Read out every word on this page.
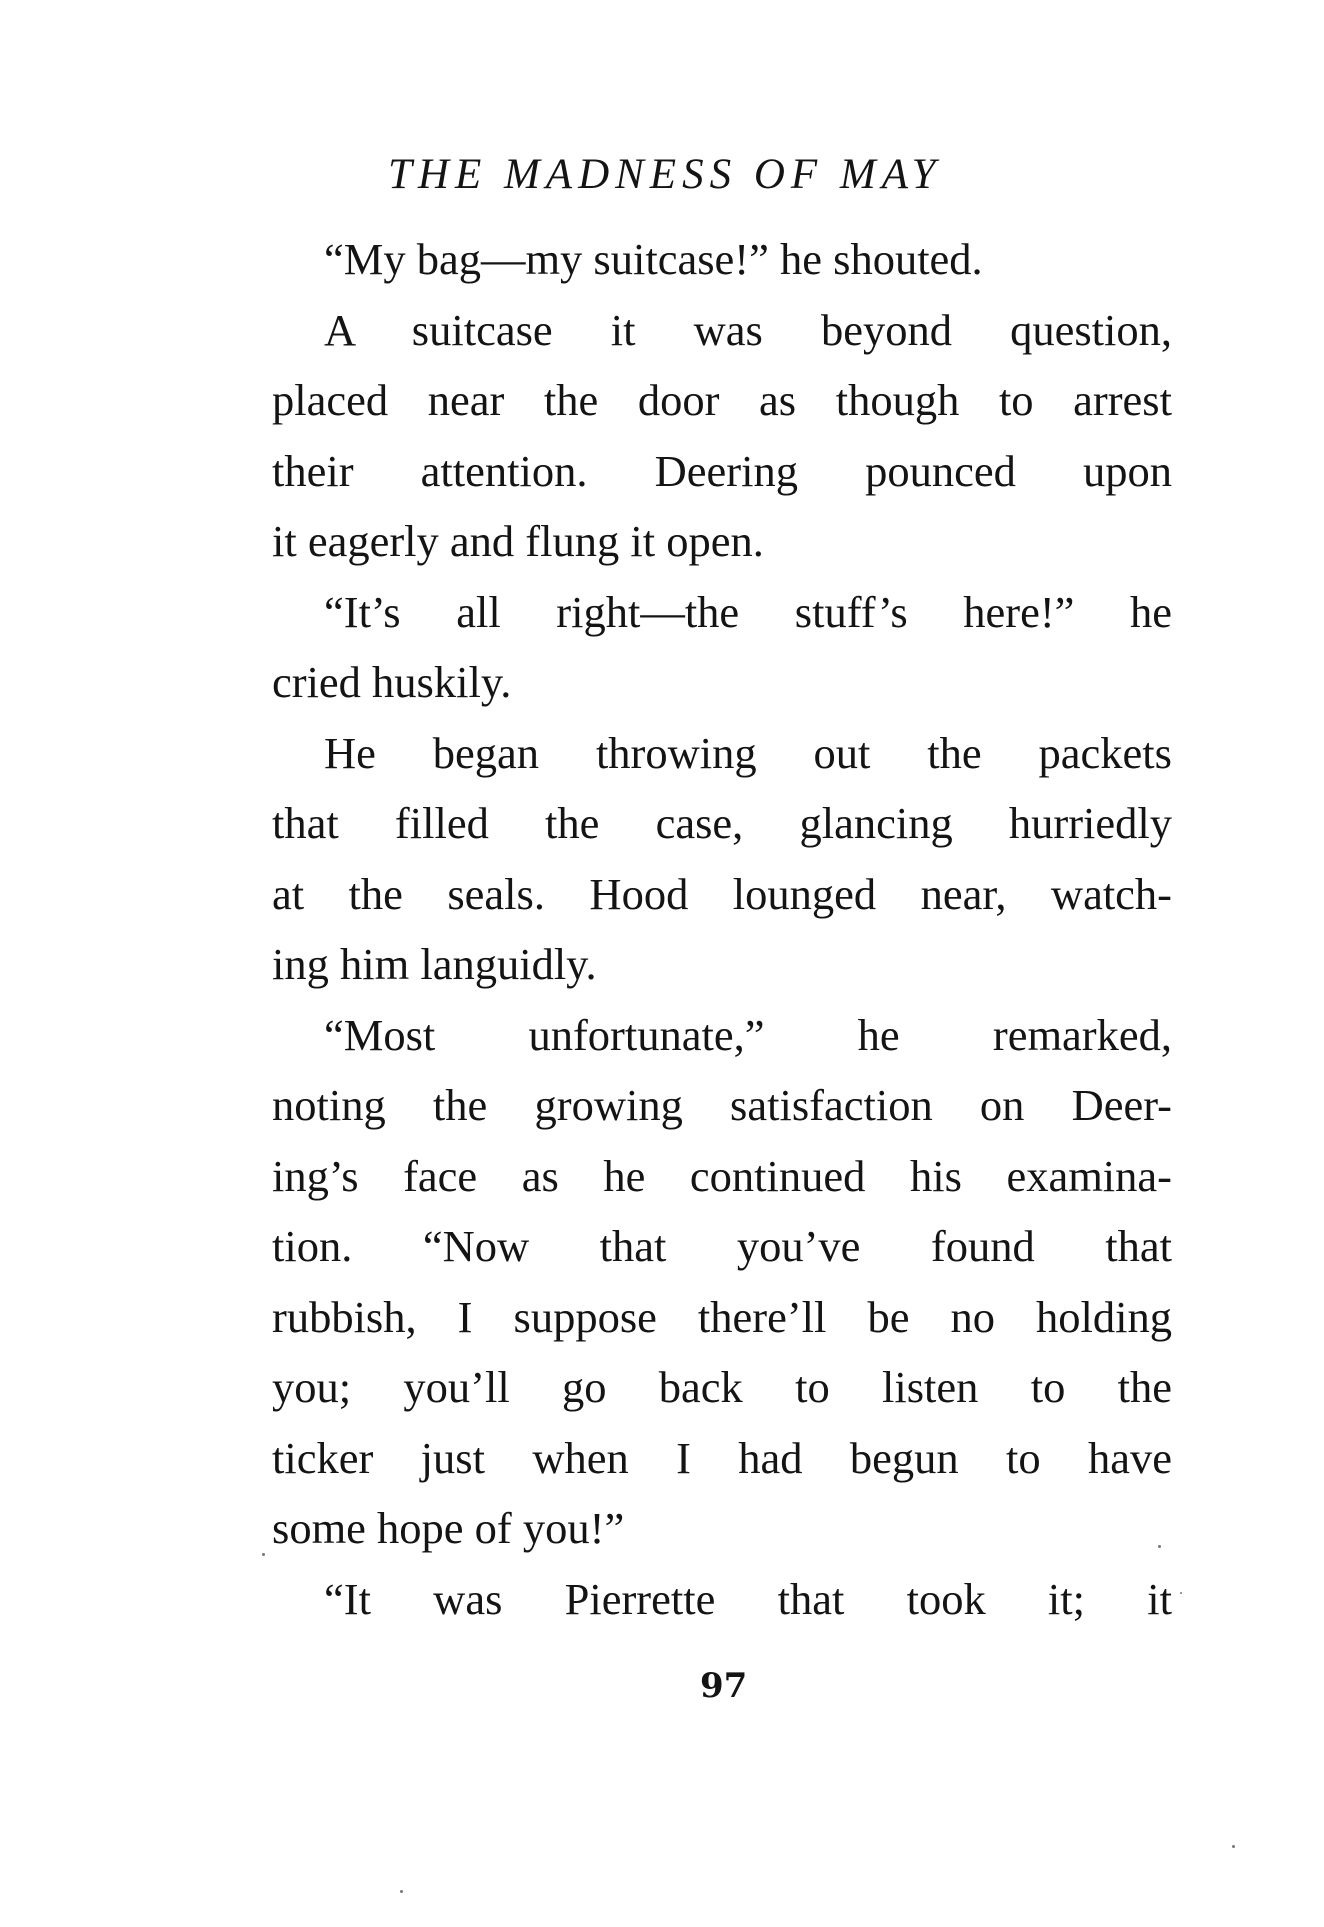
THE MADNESS OF MAY
“My bag—my suitcase!” he shouted.
A suitcase it was beyond question,
placed near the door as though to arrest
their attention. Deering pounced upon
it eagerly and flung it open.
“It’s all right—the stuff’s here!” he
cried huskily.
He began throwing out the packets
that filled the case, glancing hurriedly
at the seals. Hood lounged near, watch-
ing him languidly.
“Most unfortunate,” he remarked,
noting the growing satisfaction on Deer-
ing’s face as he continued his examina-
tion. “Now that you’ve found that
rubbish, I suppose there’ll be no holding
you; you’ll go back to listen to the
ticker just when I had begun to have
some hope of you!”
“It was Pierrette that took it; it
97
